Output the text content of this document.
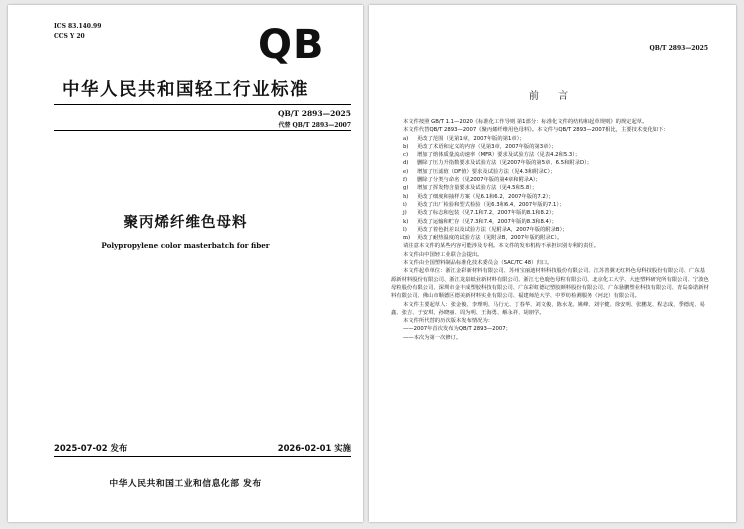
ICS 83.140.99
CCS Y 20	QB
中华人民共和国轻工行业标准
QB/T 2893—2025
代替 QB/T 2893—2007
聚丙烯纤维色母料
Polypropylene color masterbatch for fiber
2025-07-02 发布	2026-02-01 实施
中华人民共和国工业和信息化部 发布
QB/T 2893—2025
前 言
本文件按照 GB/T 1.1—2020《标准化工作导则 第1部分：标准化文件的结构和起草规则》的规定起草。
本文件代替QB/T 2893—2007《聚丙烯纤维用色母料》。本文件与QB/T 2893—2007相比，主要技术变化如下：
a) 更改了范围（见第1章，2007年版的第1章）；
b) 更改了术语和定义的内容（见第3章，2007年版的第3章）；
c) 增加了熔体质量流动速率（MFR）要求及试验方法（见表4.2和5.3）；
d) 删除了压力升指数要求及试验方法（见2007年版的第5章、6.5和附录D）；
e) 增加了压滤值（DF值）要求及试验方法（见4.3和附录C）；
f) 删除了分类与命名（见2007年版的第4章和附录A）；
g) 增加了挥发物含量要求及试验方法（见4.5和5.8）；
h) 更改了细度和抽样方案（见6.1和6.2，2007年版的7.2）；
i) 更改了出厂检验和型式检验（见6.3和6.4，2007年版的7.1）；
j) 更改了标志和包装（见7.1和7.2，2007年版的8.1和8.2）；
k) 更改了运输和贮存（见7.3和7.4，2007年版的8.3和8.4）；
l) 更改了着色批差以及试验方法（见附录A，2007年版的附录B）；
m) 更改了耐热温度的试验方法（见附录B，2007年版的附录C）。
请注意本文件的某些内容可能涉及专利。本文件的发布机构不承担识别专利的责任。
本文件由中国轻工业联合会提出。
本文件由全国塑料制品标准化技术委员会（SAC/TC 48）归口。
本文件起草单位：浙江金彩新材料有限公司、苏州宝丽迪材料科技股份有限公司、江苏善翼无红料色母科技股份有限公司、广东基源新材料股份有限公司、浙江龙泉纸业新材料有限公司、浙江七色鹿色母粒有限公司、北京化工大学、大连塑料研究所有限公司、宁波色母粒股份有限公司、深圳市金丰成塑胶科技有限公司、广东彩虹德记塑胶颜料股份有限公司、广东悬鹏塑业科技有限公司、青岛泰诺新材料有限公司、佛山市顺德区德美新材料实业有限公司、福建师范大学、中罗纺检测服务（河北）有限公司。
本文件主要起草人：张金俊、李理明、马行元、丁春华、刘文俊、陈水龙、姚峰、刘宇健、徐安明、张鹏龙、程志成、季德虎、易鑫、张吉、于安琪、孙晓丽、周为明、王海勇、解永祥、胡朋学。
本文件所代替的历次版本发布情况为：
——2007年首次发布为QB/T 2893—2007；
——本次为第一次修订。
